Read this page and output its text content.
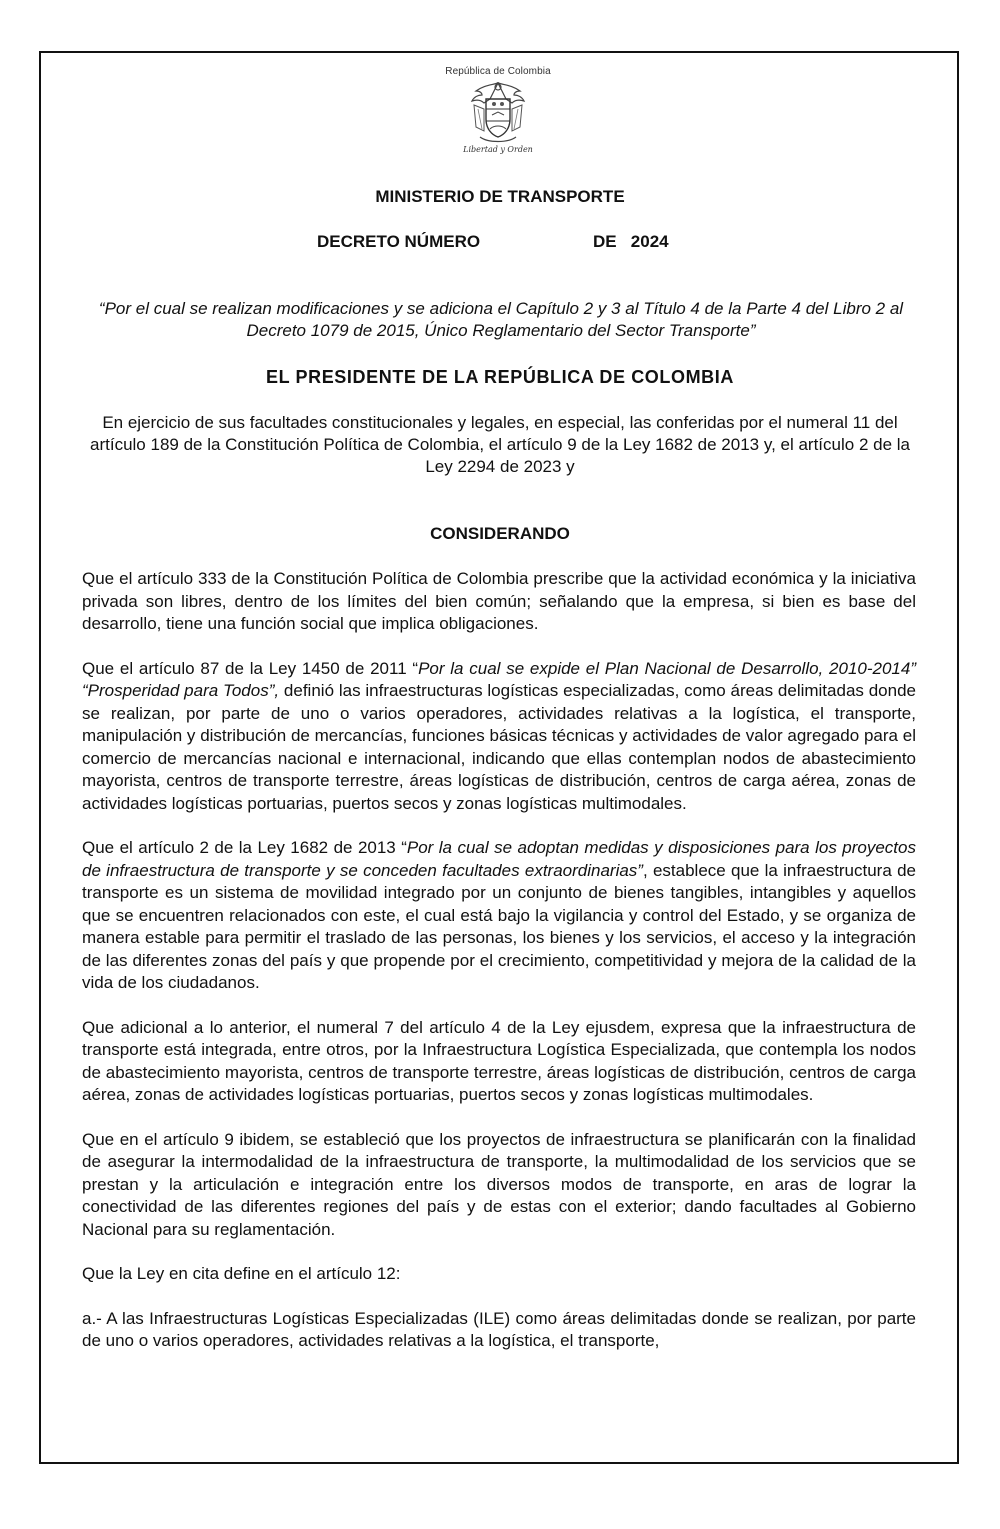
República de Colombia
Libertad y Orden
MINISTERIO DE TRANSPORTE
DECRETO NÚMERO	DE   2024
“Por el cual se realizan modificaciones y se adiciona el Capítulo 2 y 3 al Título 4 de la Parte 4 del Libro 2 al Decreto 1079 de 2015, Único Reglamentario del Sector Transporte”
EL PRESIDENTE DE LA REPÚBLICA DE COLOMBIA
En ejercicio de sus facultades constitucionales y legales, en especial, las conferidas por el numeral 11 del artículo 189 de la Constitución Política de Colombia, el artículo 9 de la Ley 1682 de 2013 y, el artículo 2 de la Ley 2294 de 2023 y
CONSIDERANDO

Que el artículo 333 de la Constitución Política de Colombia prescribe que la actividad económica y la iniciativa privada son libres, dentro de los límites del bien común; señalando que la empresa, si bien es base del desarrollo, tiene una función social que implica obligaciones.

Que el artículo 87 de la Ley 1450 de 2011 “Por la cual se expide el Plan Nacional de Desarrollo, 2010-2014” “Prosperidad para Todos”, definió las infraestructuras logísticas especializadas, como áreas delimitadas donde se realizan, por parte de uno o varios operadores, actividades relativas a la logística, el transporte, manipulación y distribución de mercancías, funciones básicas técnicas y actividades de valor agregado para el comercio de mercancías nacional e internacional, indicando que ellas contemplan nodos de abastecimiento mayorista, centros de transporte terrestre, áreas logísticas de distribución, centros de carga aérea, zonas de actividades logísticas portuarias, puertos secos y zonas logísticas multimodales.

Que el artículo 2 de la Ley 1682 de 2013 “Por la cual se adoptan medidas y disposiciones para los proyectos de infraestructura de transporte y se conceden facultades extraordinarias”, establece que la infraestructura de transporte es un sistema de movilidad integrado por un conjunto de bienes tangibles, intangibles y aquellos que se encuentren relacionados con este, el cual está bajo la vigilancia y control del Estado, y se organiza de manera estable para permitir el traslado de las personas, los bienes y los servicios, el acceso y la integración de las diferentes zonas del país y que propende por el crecimiento, competitividad y mejora de la calidad de la vida de los ciudadanos.

Que adicional a lo anterior, el numeral 7 del artículo 4 de la Ley ejusdem, expresa que la infraestructura de transporte está integrada, entre otros, por la Infraestructura Logística Especializada, que contempla los nodos de abastecimiento mayorista, centros de transporte terrestre, áreas logísticas de distribución, centros de carga aérea, zonas de actividades logísticas portuarias, puertos secos y zonas logísticas multimodales.

Que en el artículo 9 ibidem, se estableció que los proyectos de infraestructura se planificarán con la finalidad de asegurar la intermodalidad de la infraestructura de transporte, la multimodalidad de los servicios que se prestan y la articulación e integración entre los diversos modos de transporte, en aras de lograr la conectividad de las diferentes regiones del país y de estas con el exterior; dando facultades al Gobierno Nacional para su reglamentación.

Que la Ley en cita define en el artículo 12:

a.- A las Infraestructuras Logísticas Especializadas (ILE) como áreas delimitadas donde se realizan, por parte de uno o varios operadores, actividades relativas a la logística, el transporte,
